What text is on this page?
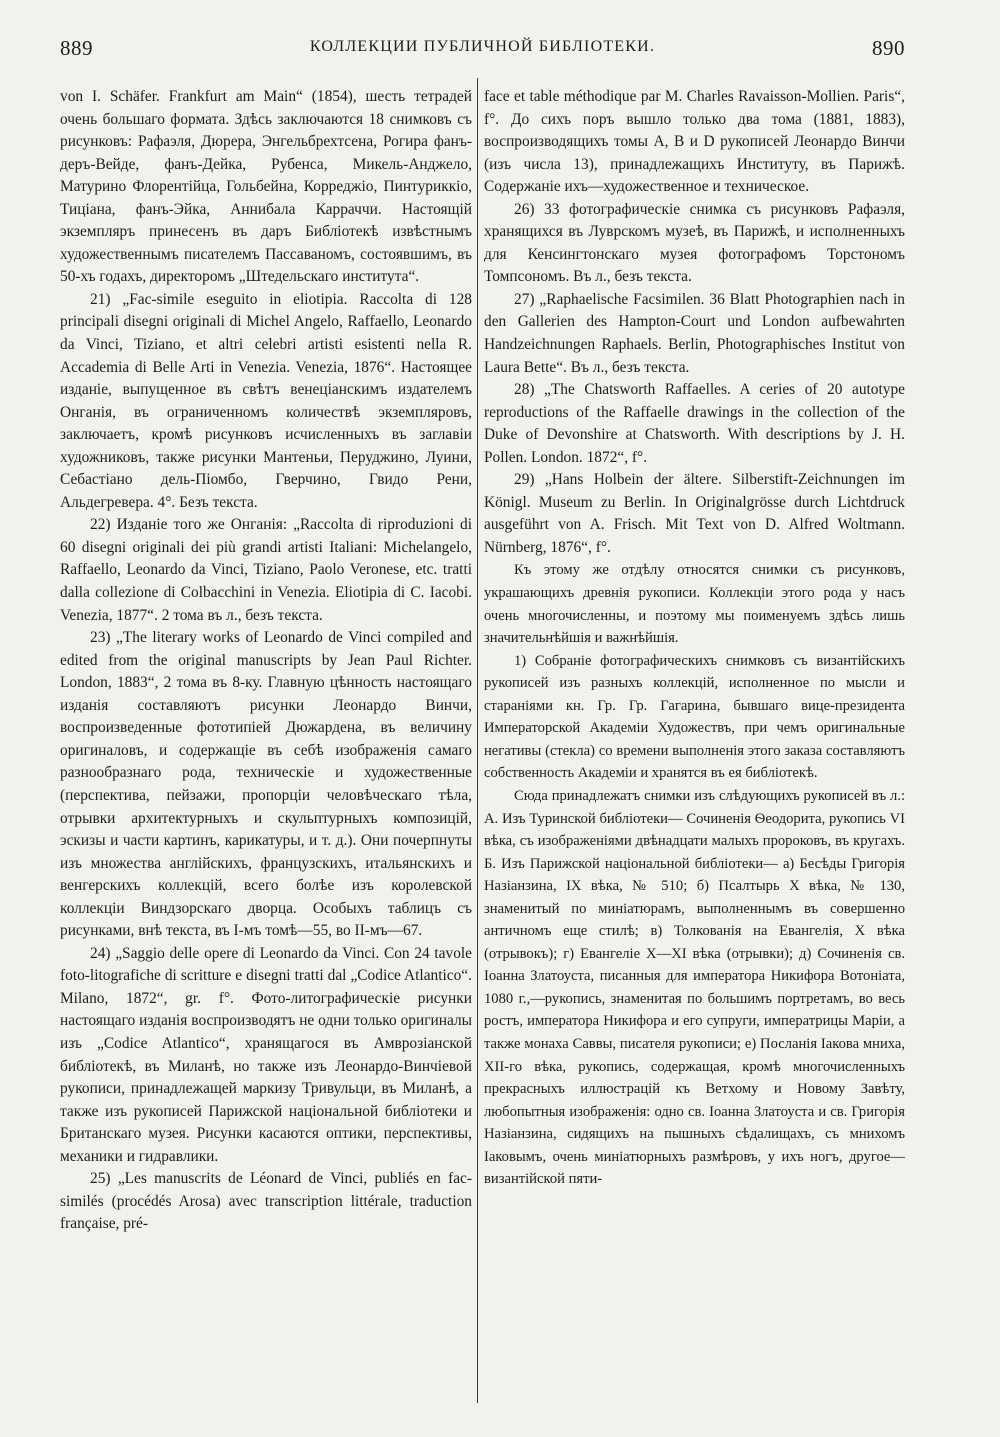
889	КОЛЛЕКЦИИ ПУБЛИЧНОЙ БИБЛІОТЕКИ.	890

von I. Schäfer. Frankfurt am Main“ (1854), шесть тетрадей очень большаго формата. Здѣсь заключаются 18 снимковъ съ рисунковъ: Рафаэля, Дюрера, Энгельбрехтсена, Рогира фанъ-деръ-Вейде, фанъ-Дейка, Рубенса, Микель-Анджело, Матурино Флорентійца, Гольбейна, Корреджіо, Пинтуриккіо, Тиціана, фанъ-Эйка, Аннибала Карраччи. Настоящій экземпляръ принесенъ въ даръ Библіотекѣ извѣстнымъ художественнымъ писателемъ Пассаваномъ, состоявшимъ, въ 50-хъ годахъ, директоромъ „Штедельскаго института“.

21) „Fac-simile eseguito in eliotipia. Raccolta di 128 principali disegni originali di Michel Angelo, Raffaello, Leonardo da Vinci, Tiziano, et altri celebri artisti esistenti nella R. Accademia di Belle Arti in Venezia. Venezia, 1876“. Настоящее изданіе, выпущенное въ свѣтъ венеціанскимъ издателемъ Онганія, въ ограниченномъ количествѣ экземпляровъ, заключаетъ, кромѣ рисунковъ исчисленныхъ въ заглавіи художниковъ, также рисунки Мантеньи, Перуджино, Луини, Себастіано дель-Піомбо, Гверчино, Гвидо Рени, Альдегревера. 4°. Безъ текста.

22) Изданіе того же Онганія: „Raccolta di riproduzioni di 60 disegni originali dei più grandi artisti Italiani: Michelangelo, Raffaello, Leonardo da Vinci, Tiziano, Paolo Veronese, etc. tratti dalla collezione di Colbacchini in Venezia. Eliotipia di C. Iacobi. Venezia, 1877“. 2 тома въ л., безъ текста.

23) „The literary works of Leonardo de Vinci compiled and edited from the original manuscripts by Jean Paul Richter. London, 1883“, 2 тома въ 8-ку. Главную цѣнность настоящаго изданія составляютъ рисунки Леонардо Винчи, воспроизведенные фототипіей Дюжардена, въ величину оригиналовъ, и содержащіе въ себѣ изображенія самаго разнообразнаго рода, техническіе и художественные (перспектива, пейзажи, пропорціи человѣческаго тѣла, отрывки архитектурныхъ и скульптурныхъ композицій, эскизы и части картинъ, карикатуры, и т. д.). Они почерпнуты изъ множества англійскихъ, французскихъ, итальянскихъ и венгерскихъ коллекцій, всего болѣе изъ королевской коллекціи Виндзорскаго дворца. Особыхъ таблицъ съ рисунками, внѣ текста, въ I-мъ томѣ—55, во II-мъ—67.

24) „Saggio delle opere di Leonardo da Vinci. Con 24 tavole foto-litografiche di scritture e disegni tratti dal „Codice Atlantico“. Milano, 1872“, gr. f°. Фото-литографическіе рисунки настоящаго изданія воспроизводятъ не одни только оригиналы изъ „Codice Atlantico“, хранящагося въ Амврозіанской библіотекѣ, въ Миланѣ, но также изъ Леонардо-Винчіевой рукописи, принадлежащей маркизу Тривульци, въ Миланѣ, а также изъ рукописей Парижской національной библіотеки и Британскаго музея. Рисунки касаются оптики, перспективы, механики и гидравлики.

25) „Les manuscrits de Léonard de Vinci, publiés en fac-similés (procédés Arosa) avec transcription littérale, traduction française, pré-

face et table méthodique par M. Charles Ravaisson-Mollien. Paris“, f°. До сихъ поръ вышло только два тома (1881, 1883), воспроизводящихъ томы A, B и D рукописей Леонардо Винчи (изъ числа 13), принадлежащихъ Институту, въ Парижѣ. Содержаніе ихъ—художественное и техническое.

26) 33 фотографическіе снимка съ рисунковъ Рафаэля, хранящихся въ Луврскомъ музеѣ, въ Парижѣ, и исполненныхъ для Кенсингтонскаго музея фотографомъ Торстономъ Томпсономъ. Въ л., безъ текста.

27) „Raphaelische Facsimilen. 36 Blatt Photographien nach in den Gallerien des Hampton-Court und London aufbewahrten Handzeichnungen Raphaels. Berlin, Photographisches Institut von Laura Bette“. Въ л., безъ текста.

28) „The Chatsworth Raffaelles. A ceries of 20 autotype reproductions of the Raffaelle drawings in the collection of the Duke of Devonshire at Chatsworth. With descriptions by J. H. Pollen. London. 1872“, f°.

29) „Hans Holbein der ältere. Silberstift-Zeichnungen im Königl. Museum zu Berlin. In Originalgrösse durch Lichtdruck ausgeführt von A. Frisch. Mit Text von D. Alfred Woltmann. Nürnberg, 1876“, f°.

Къ этому же отдѣлу относятся снимки съ рисунковъ, украшающихъ древнія рукописи. Коллекціи этого рода у насъ очень многочисленны, и поэтому мы поименуемъ здѣсь лишь значительнѣйшія и важнѣйшія.

1) Собраніе фотографическихъ снимковъ съ византійскихъ рукописей изъ разныхъ коллекцій, исполненное по мысли и стараніями кн. Гр. Гр. Гагарина, бывшаго вице-президента Императорской Академіи Художествъ, при чемъ оригинальные негативы (стекла) со времени выполненія этого заказа составляютъ собственность Академіи и хранятся въ ея библіотекѣ.

Сюда принадлежатъ снимки изъ слѣдующихъ рукописей въ л.: А. Изъ Туринской библіотеки— Сочиненія Ѳеодорита, рукопись VI вѣка, съ изображеніями двѣнадцати малыхъ пророковъ, въ кругахъ. Б. Изъ Парижской національной библіотеки— а) Бесѣды Григорія Назіанзина, IX вѣка, № 510; б) Псалтырь X вѣка, № 130, знаменитый по миніатюрамъ, выполненнымъ въ совершенно античномъ еще стилѣ; в) Толкованія на Евангелія, X вѣка (отрывокъ); г) Евангеліе X—XI вѣка (отрывки); д) Сочиненія св. Іоанна Златоуста, писанныя для императора Никифора Вотоніата, 1080 г.,—рукопись, знаменитая по большимъ портретамъ, во весь ростъ, императора Никифора и его супруги, императрицы Маріи, а также монаха Саввы, писателя рукописи; е) Посланія Іакова мниха, XII-го вѣка, рукопись, содержащая, кромѣ многочисленныхъ прекрасныхъ иллюстрацій къ Ветхому и Новому Завѣту, любопытныя изображенія: одно св. Іоанна Златоуста и св. Григорія Назіанзина, сидящихъ на пышныхъ сѣдалищахъ, съ мнихомъ Іаковымъ, очень миніатюрныхъ размѣровъ, у ихъ ногъ, другое—византійской пяти-
